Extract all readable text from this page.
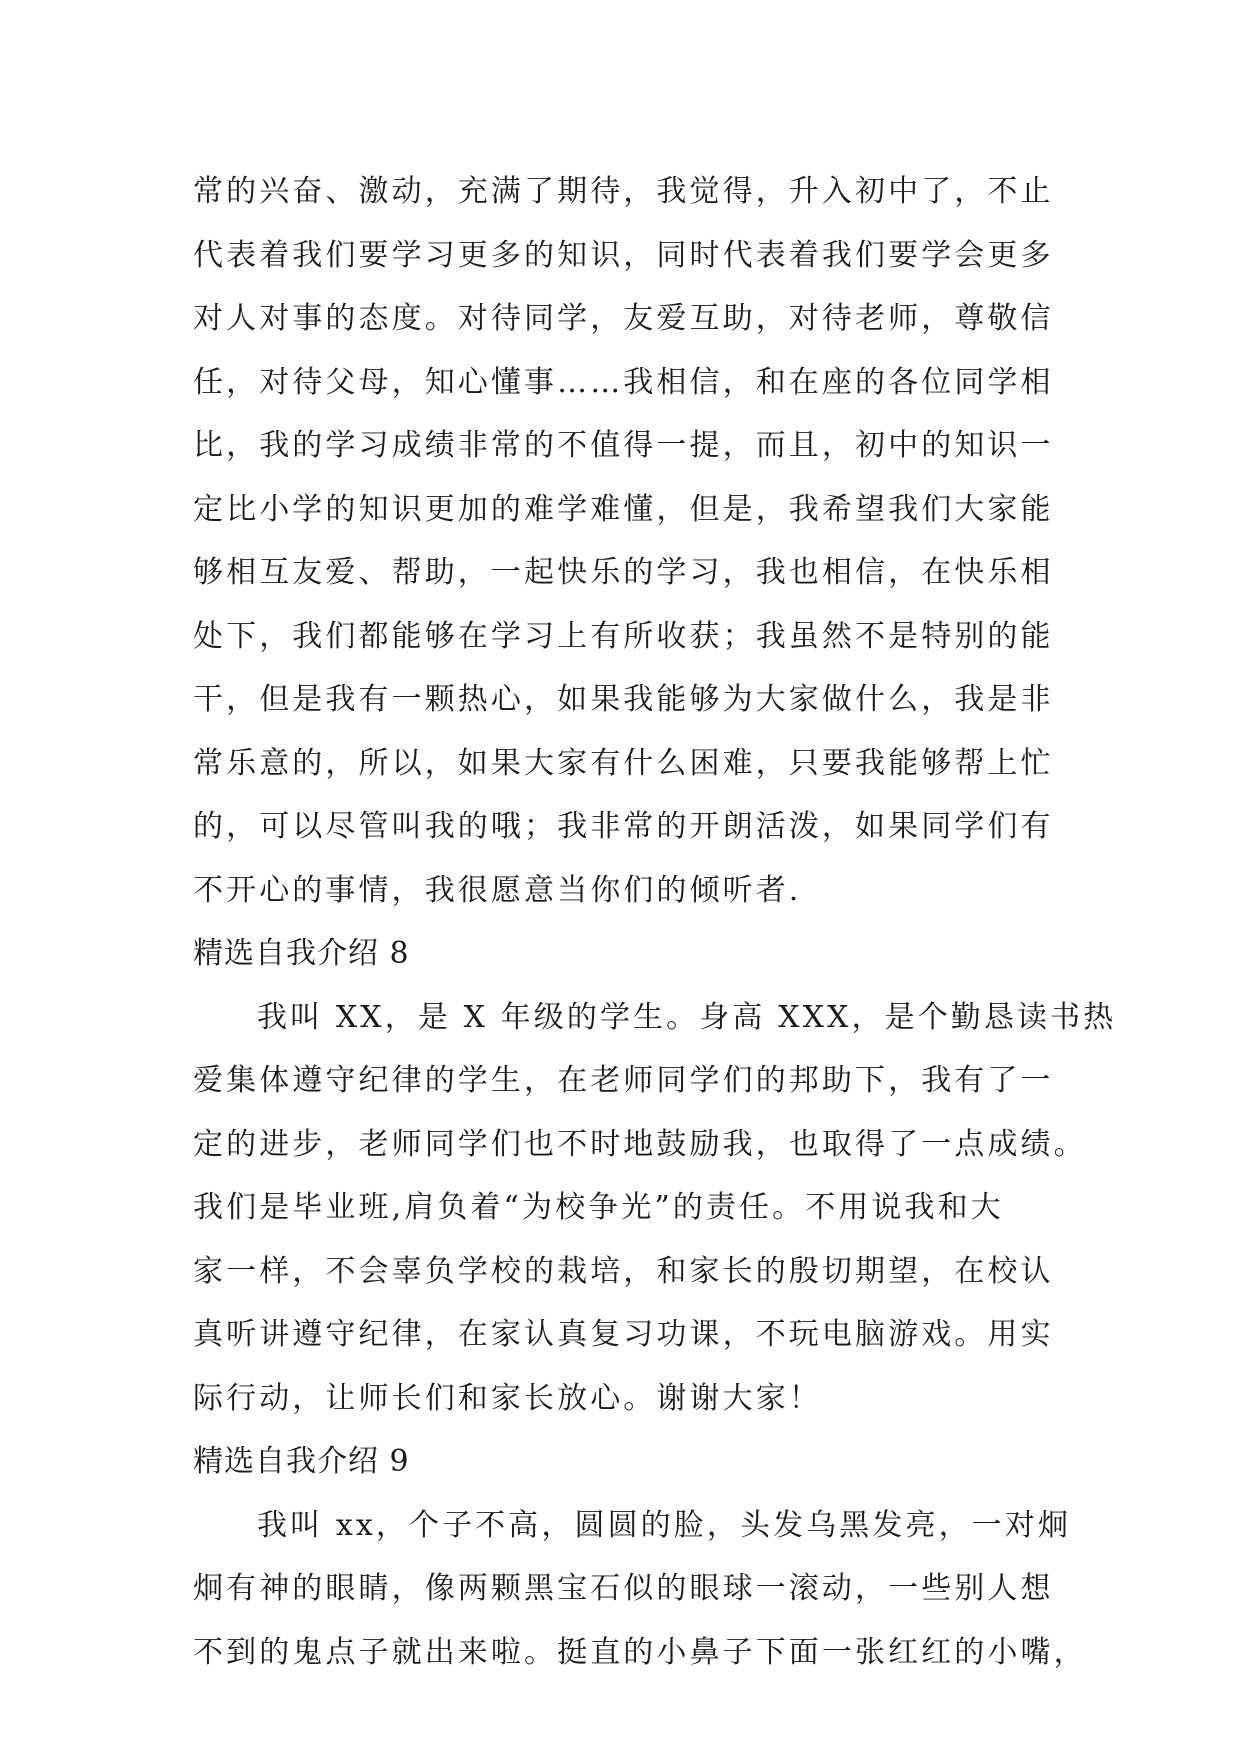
常的兴奋、激动，充满了期待，我觉得，升入初中了，不止
代表着我们要学习更多的知识，同时代表着我们要学会更多
对人对事的态度。对待同学，友爱互助，对待老师，尊敬信
任，对待父母，知心懂事……我相信，和在座的各位同学相
比，我的学习成绩非常的不值得一提，而且，初中的知识一
定比小学的知识更加的难学难懂，但是，我希望我们大家能
够相互友爱、帮助，一起快乐的学习，我也相信，在快乐相
处下，我们都能够在学习上有所收获；我虽然不是特别的能
干，但是我有一颗热心，如果我能够为大家做什么，我是非
常乐意的，所以，如果大家有什么困难，只要我能够帮上忙
的，可以尽管叫我的哦；我非常的开朗活泼，如果同学们有
不开心的事情，我很愿意当你们的倾听者.
精选自我介绍 8
我叫 XX，是 X 年级的学生。身高 XXX，是个勤恳读书热
爱集体遵守纪律的学生，在老师同学们的邦助下，我有了一
定的进步，老师同学们也不时地鼓励我，也取得了一点成绩。
我们是毕业班,肩负着“为校争光”的责任。不用说我和大
家一样，不会辜负学校的栽培，和家长的殷切期望，在校认
真听讲遵守纪律，在家认真复习功课，不玩电脑游戏。用实
际行动，让师长们和家长放心。谢谢大家！
精选自我介绍 9
我叫 xx，个子不高，圆圆的脸，头发乌黑发亮，一对炯
炯有神的眼睛，像两颗黑宝石似的眼球一滚动，一些别人想
不到的鬼点子就出来啦。挺直的小鼻子下面一张红红的小嘴，
